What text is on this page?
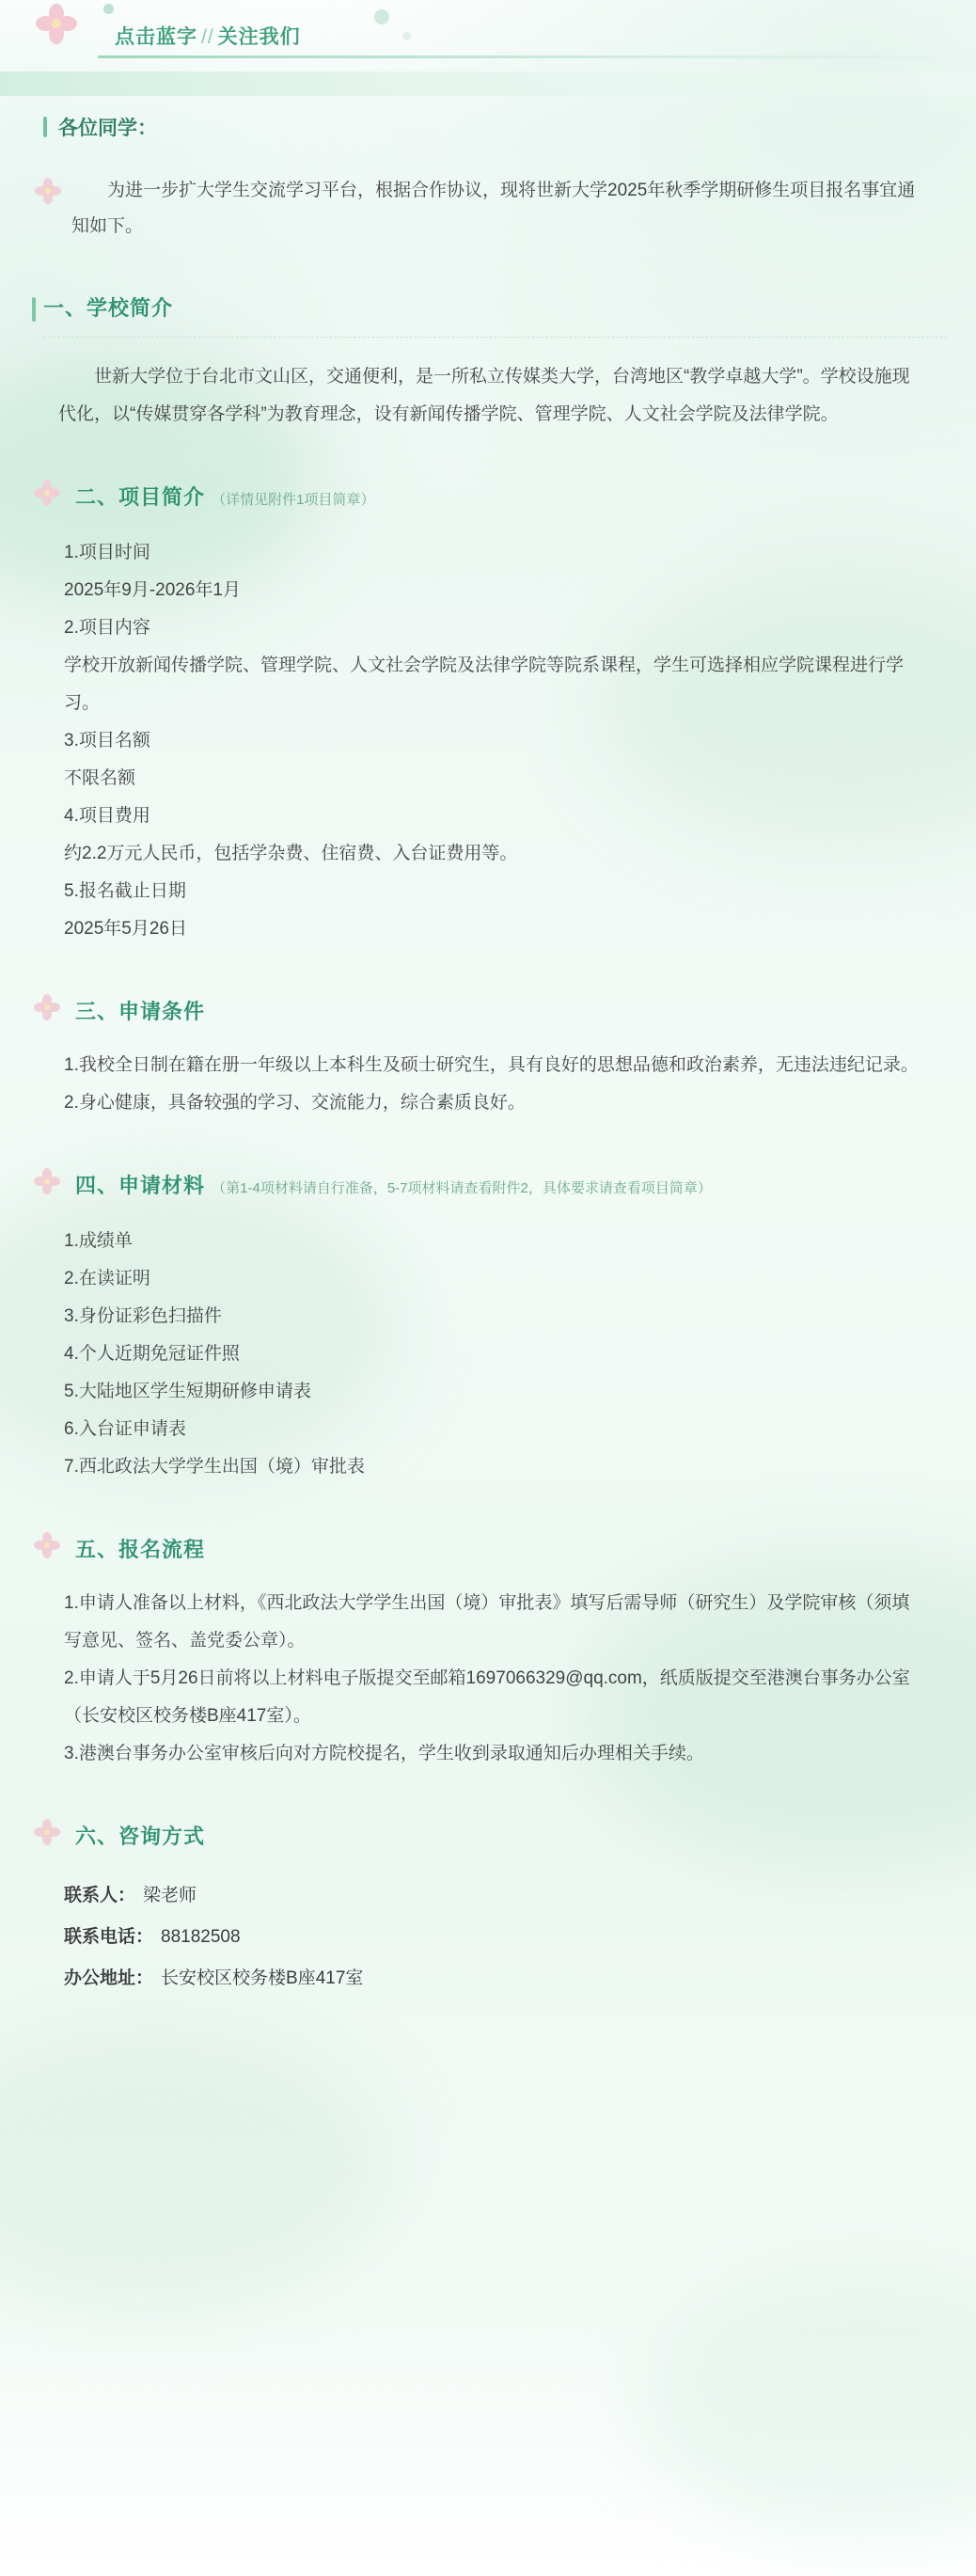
点击蓝字 // 关注我们
各位同学：
为进一步扩大学生交流学习平台，根据合作协议，现将世新大学2025年秋季学期研修生项目报名事宜通知如下。
一、学校简介
世新大学位于台北市文山区，交通便利，是一所私立传媒类大学，台湾地区“教学卓越大学”。学校设施现代化，以“传媒贯穿各学科”为教育理念，设有新闻传播学院、管理学院、人文社会学院及法律学院。
二、项目简介 （详情见附件1项目简章）
1.项目时间
2025年9月-2026年1月
2.项目内容
学校开放新闻传播学院、管理学院、人文社会学院及法律学院等院系课程，学生可选择相应学院课程进行学习。
3.项目名额
不限名额
4.项目费用
约2.2万元人民币，包括学杂费、住宿费、入台证费用等。
5.报名截止日期
2025年5月26日
三、申请条件
1.我校全日制在籍在册一年级以上本科生及硕士研究生，具有良好的思想品德和政治素养，无违法违纪记录。
2.身心健康，具备较强的学习、交流能力，综合素质良好。
四、申请材料 （第1-4项材料请自行准备，5-7项材料请查看附件2，具体要求请查看项目简章）
1.成绩单
2.在读证明
3.身份证彩色扫描件
4.个人近期免冠证件照
5.大陆地区学生短期研修申请表
6.入台证申请表
7.西北政法大学学生出国（境）审批表
五、报名流程
1.申请人准备以上材料，《西北政法大学学生出国（境）审批表》填写后需导师（研究生）及学院审核（须填写意见、签名、盖党委公章）。
2.申请人于5月26日前将以上材料电子版提交至邮箱1697066329@qq.com，纸质版提交至港澳台事务办公室（长安校区校务楼B座417室）。
3.港澳台事务办公室审核后向对方院校提名，学生收到录取通知后办理相关手续。
六、咨询方式
联系人： 梁老师
联系电话： 88182508
办公地址： 长安校区校务楼B座417室
